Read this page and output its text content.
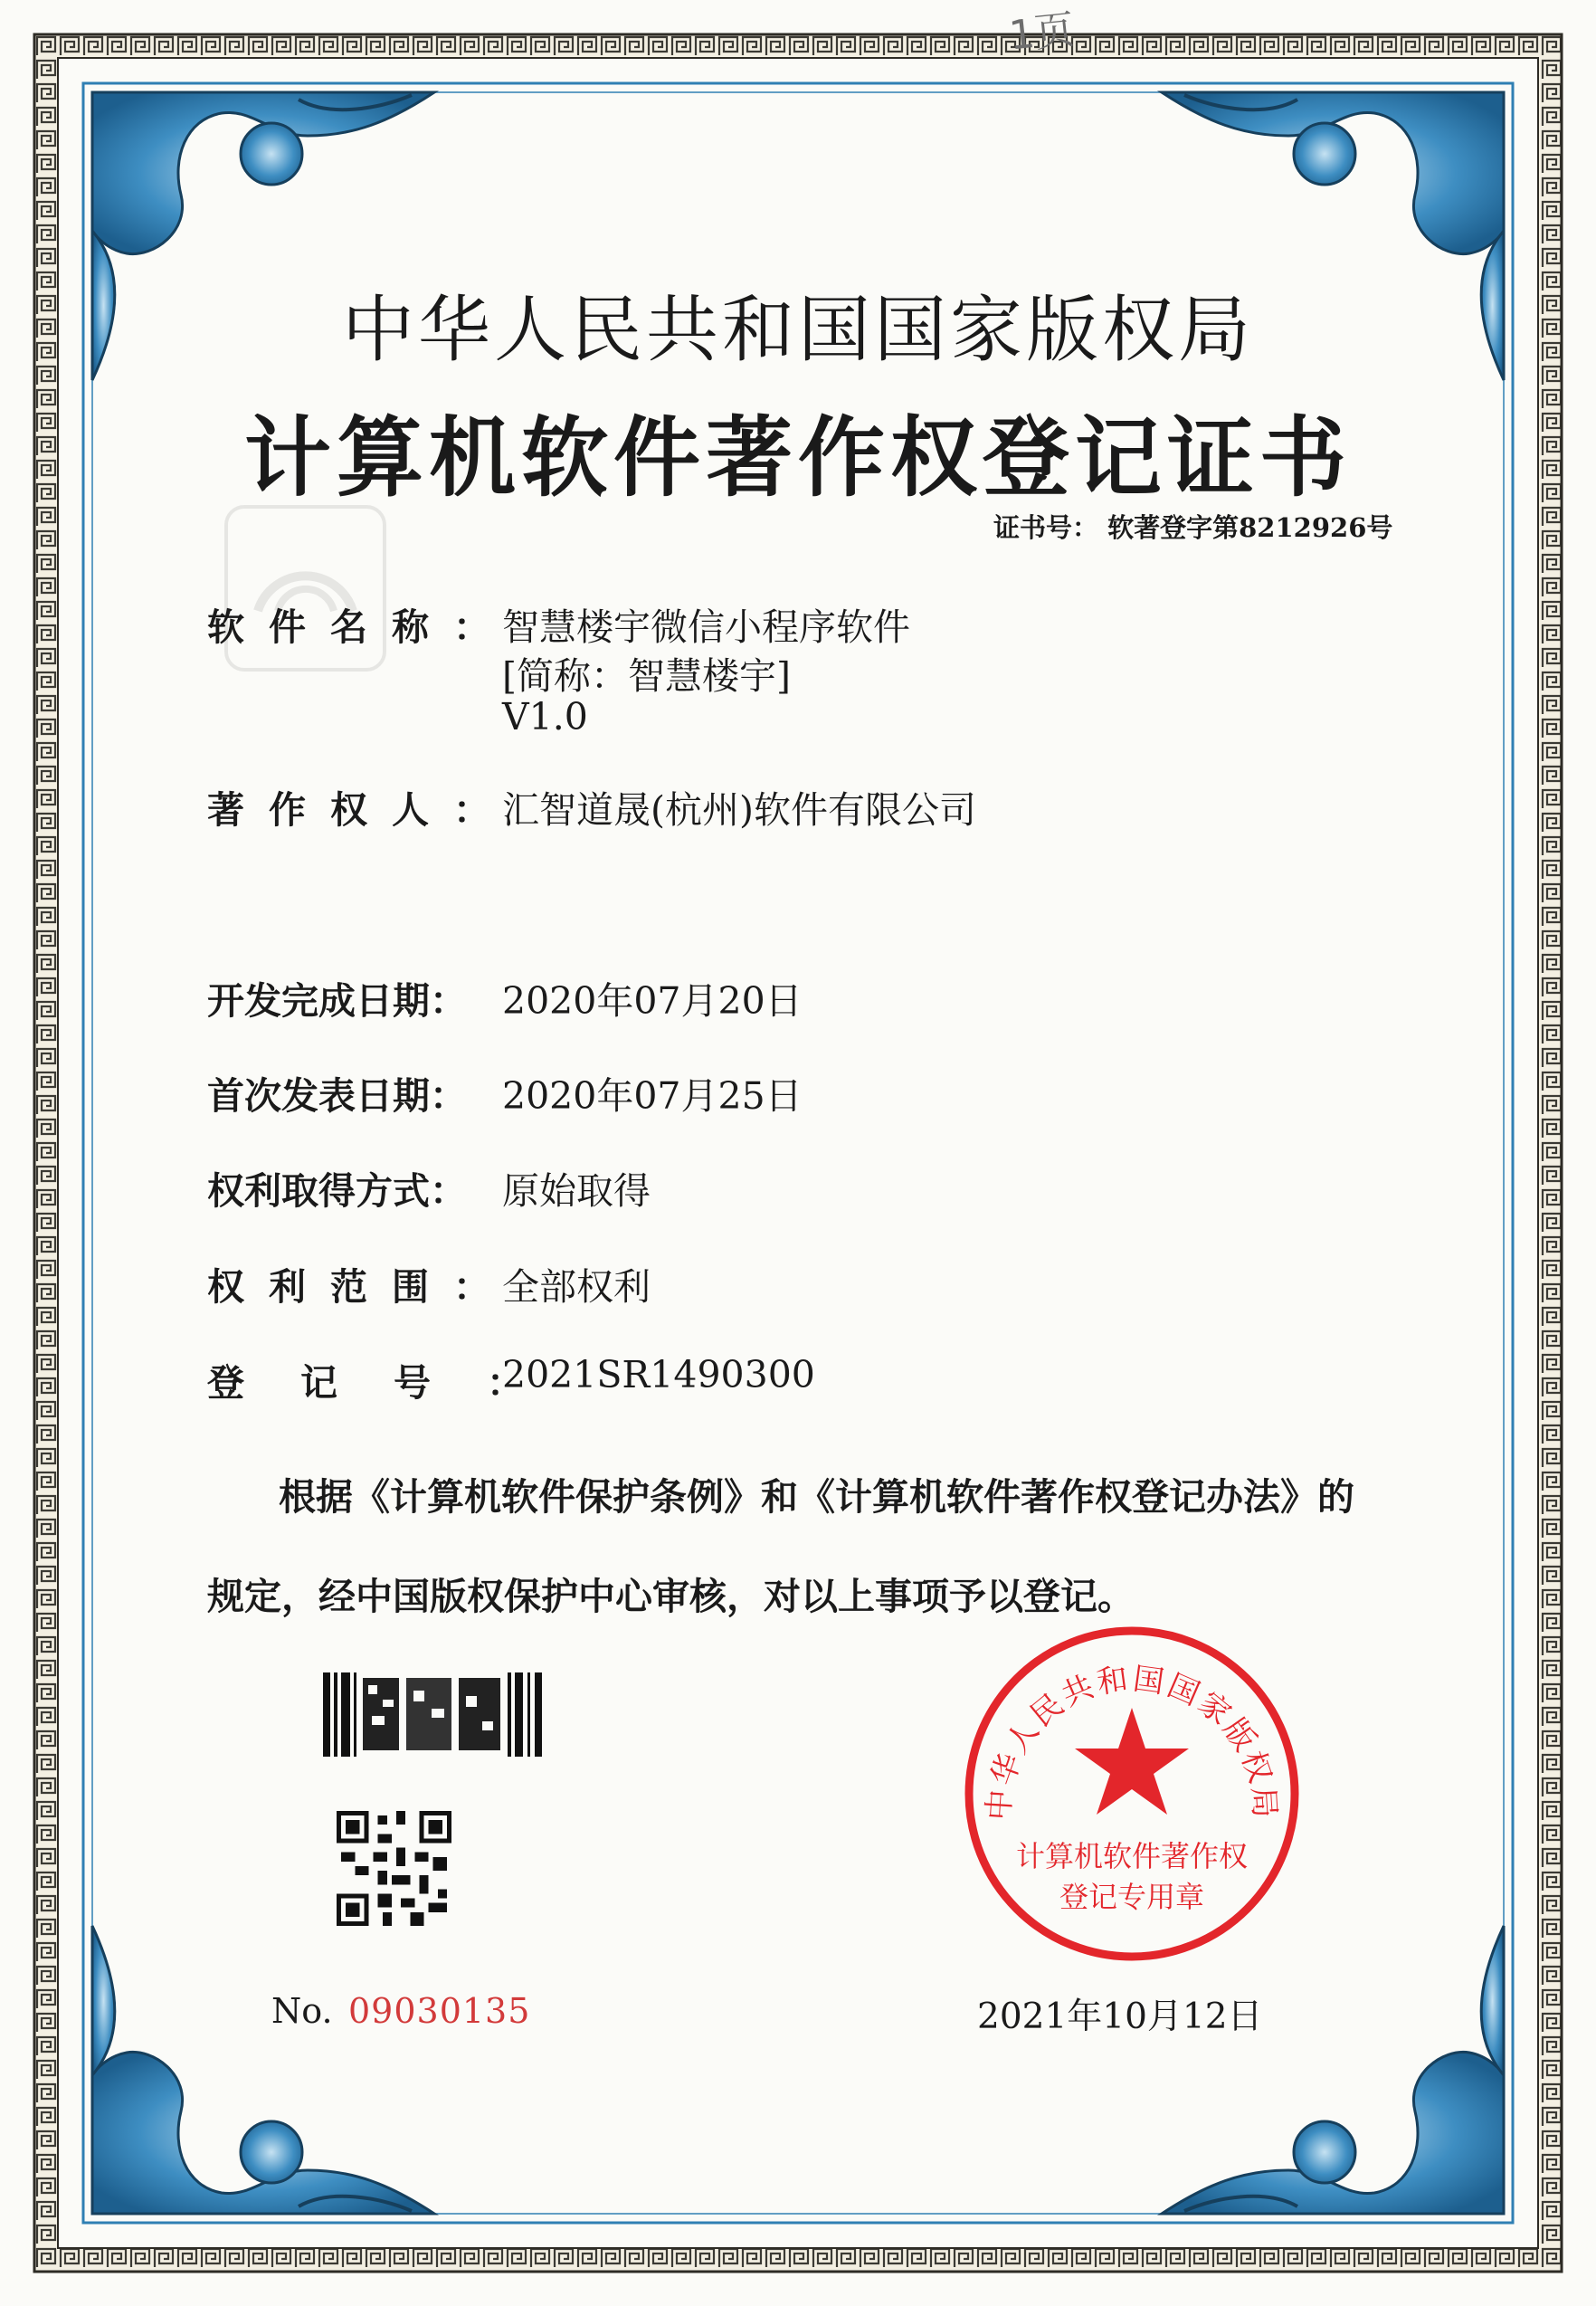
1页
中华人民共和国国家版权局
计算机软件著作权登记证书
证书号： 软著登字第8212926号
软件名称：
智慧楼宇微信小程序软件
[简称：智慧楼宇]
V1.0
著作权人：
汇智道晟(杭州)软件有限公司
开发完成日期： 2020年07月20日
首次发表日期： 2020年07月25日
权利取得方式： 原始取得
权利范围：
全部权利
登记号：
2021SR1490300
根据《计算机软件保护条例》和《计算机软件著作权登记办法》的
规定，经中国版权保护中心审核，对以上事项予以登记。
No. 09030135
中华人民共和国国家版权局
计算机软件著作权
登记专用章
2021年10月12日
